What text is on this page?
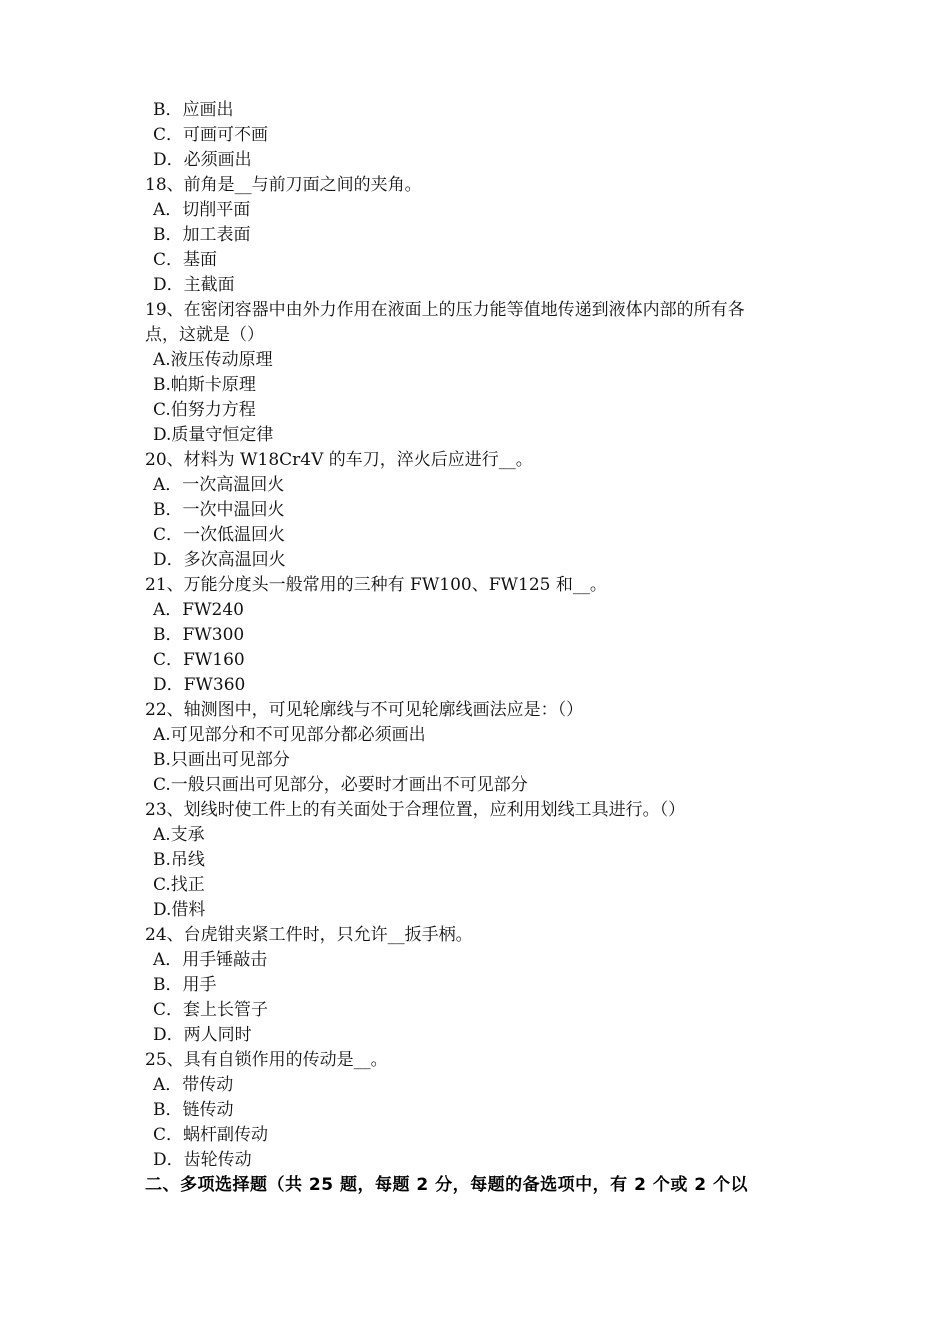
B．应画出
C．可画可不画
D．必须画出
18、前角是__与前刀面之间的夹角。
A．切削平面
B．加工表面
C．基面
D．主截面
19、在密闭容器中由外力作用在液面上的压力能等值地传递到液体内部的所有各
点，这就是（）
A.液压传动原理
B.帕斯卡原理
C.伯努力方程
D.质量守恒定律
20、材料为 W18Cr4V 的车刀，淬火后应进行__。
A．一次高温回火
B．一次中温回火
C．一次低温回火
D．多次高温回火
21、万能分度头一般常用的三种有 FW100、FW125 和__。
A．FW240
B．FW300
C．FW160
D．FW360
22、轴测图中，可见轮廓线与不可见轮廓线画法应是：（）
A.可见部分和不可见部分都必须画出
B.只画出可见部分
C.一般只画出可见部分，必要时才画出不可见部分
23、划线时使工件上的有关面处于合理位置，应利用划线工具进行。（）
A.支承
B.吊线
C.找正
D.借料
24、台虎钳夹紧工件时，只允许__扳手柄。
A．用手锤敲击
B．用手
C．套上长管子
D．两人同时
25、具有自锁作用的传动是__。
A．带传动
B．链传动
C．蜗杆副传动
D．齿轮传动
二、多项选择题（共 25 题，每题 2 分，每题的备选项中，有 2 个或 2 个以
